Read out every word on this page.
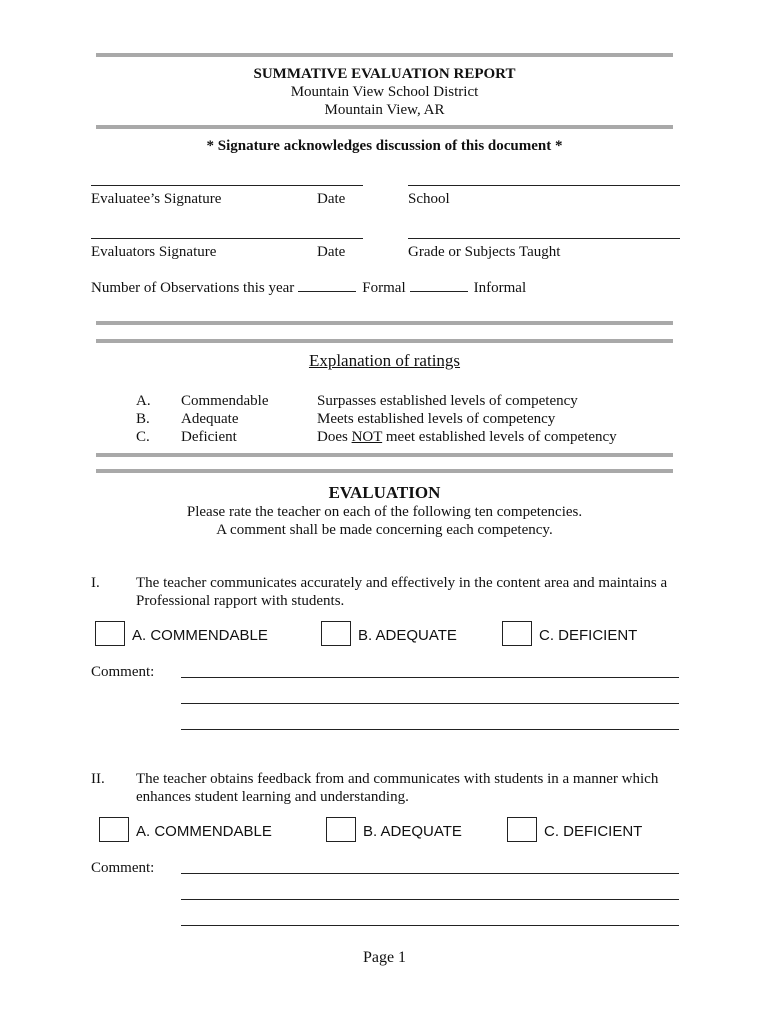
SUMMATIVE EVALUATION REPORT
Mountain View School District
Mountain View, AR
* Signature acknowledges discussion of this document *
Evaluatee’s Signature	Date	School
Evaluators Signature	Date	Grade or Subjects Taught
Number of Observations this year	Formal	Informal
Explanation of ratings
A. Commendable	Surpasses established levels of competency
B. Adequate	Meets established levels of competency
C. Deficient	Does NOT meet established levels of competency
EVALUATION
Please rate the teacher on each of the following ten competencies.
A comment shall be made concerning each competency.
I. The teacher communicates accurately and effectively in the content area and maintains a
Professional rapport with students.
A. COMMENDABLE	B. ADEQUATE	C. DEFICIENT
Comment:
II. The teacher obtains feedback from and communicates with students in a manner which
enhances student learning and understanding.
A. COMMENDABLE	B. ADEQUATE	C. DEFICIENT
Comment:
Page 1
